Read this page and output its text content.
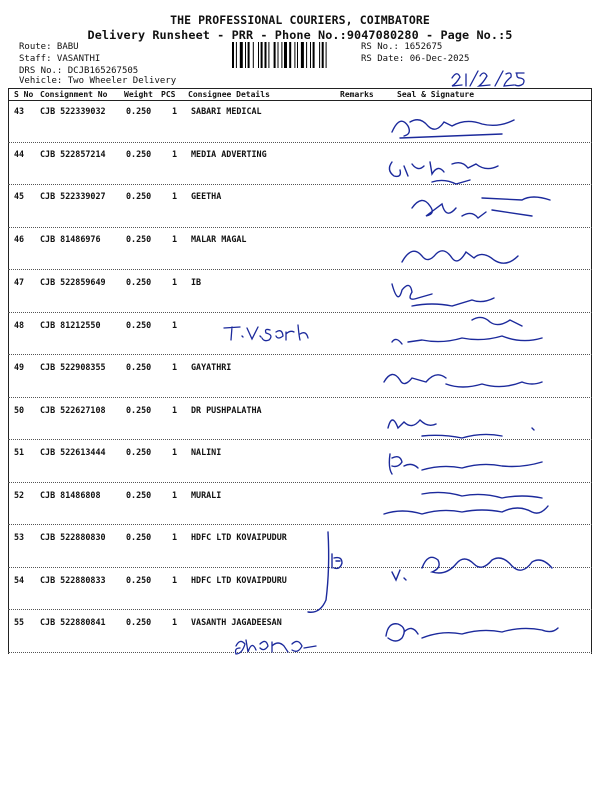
THE PROFESSIONAL COURIERS, COIMBATORE
Delivery Runsheet - PRR - Phone No.:9047080280 - Page No.:5
Route: BABU
Staff: VASANTHI
DRS No.: DCJB165267505
Vehicle: Two Wheeler Delivery
RS No.: 1652675
RS Date: 06-Dec-2025
S No Consignment No Weight PCS Consignee Details	Remarks	Seal & Signature
43 CJB 522339032 0.250 1 SABARI MEDICAL
44 CJB 522857214 0.250 1 MEDIA ADVERTING
45 CJB 522339027 0.250 1 GEETHA
46 CJB 81486976	0.250 1 MALAR MAGAL
47 CJB 522859649 0.250 1 IB
48 CJB 81212550	0.250 1
49 CJB 522908355 0.250 1 GAYATHRI
50 CJB 522627108 0.250 1 DR PUSHPALATHA
51 CJB 522613444 0.250 1 NALINI
52 CJB 81486808	0.250 1 MURALI
53 CJB 522880830 0.250 1 HDFC LTD KOVAIPUDUR
54 CJB 522880833 0.250 1 HDFC LTD KOVAIPDURU
55 CJB 522880841 0.250 1 VASANTH JAGADEESAN
